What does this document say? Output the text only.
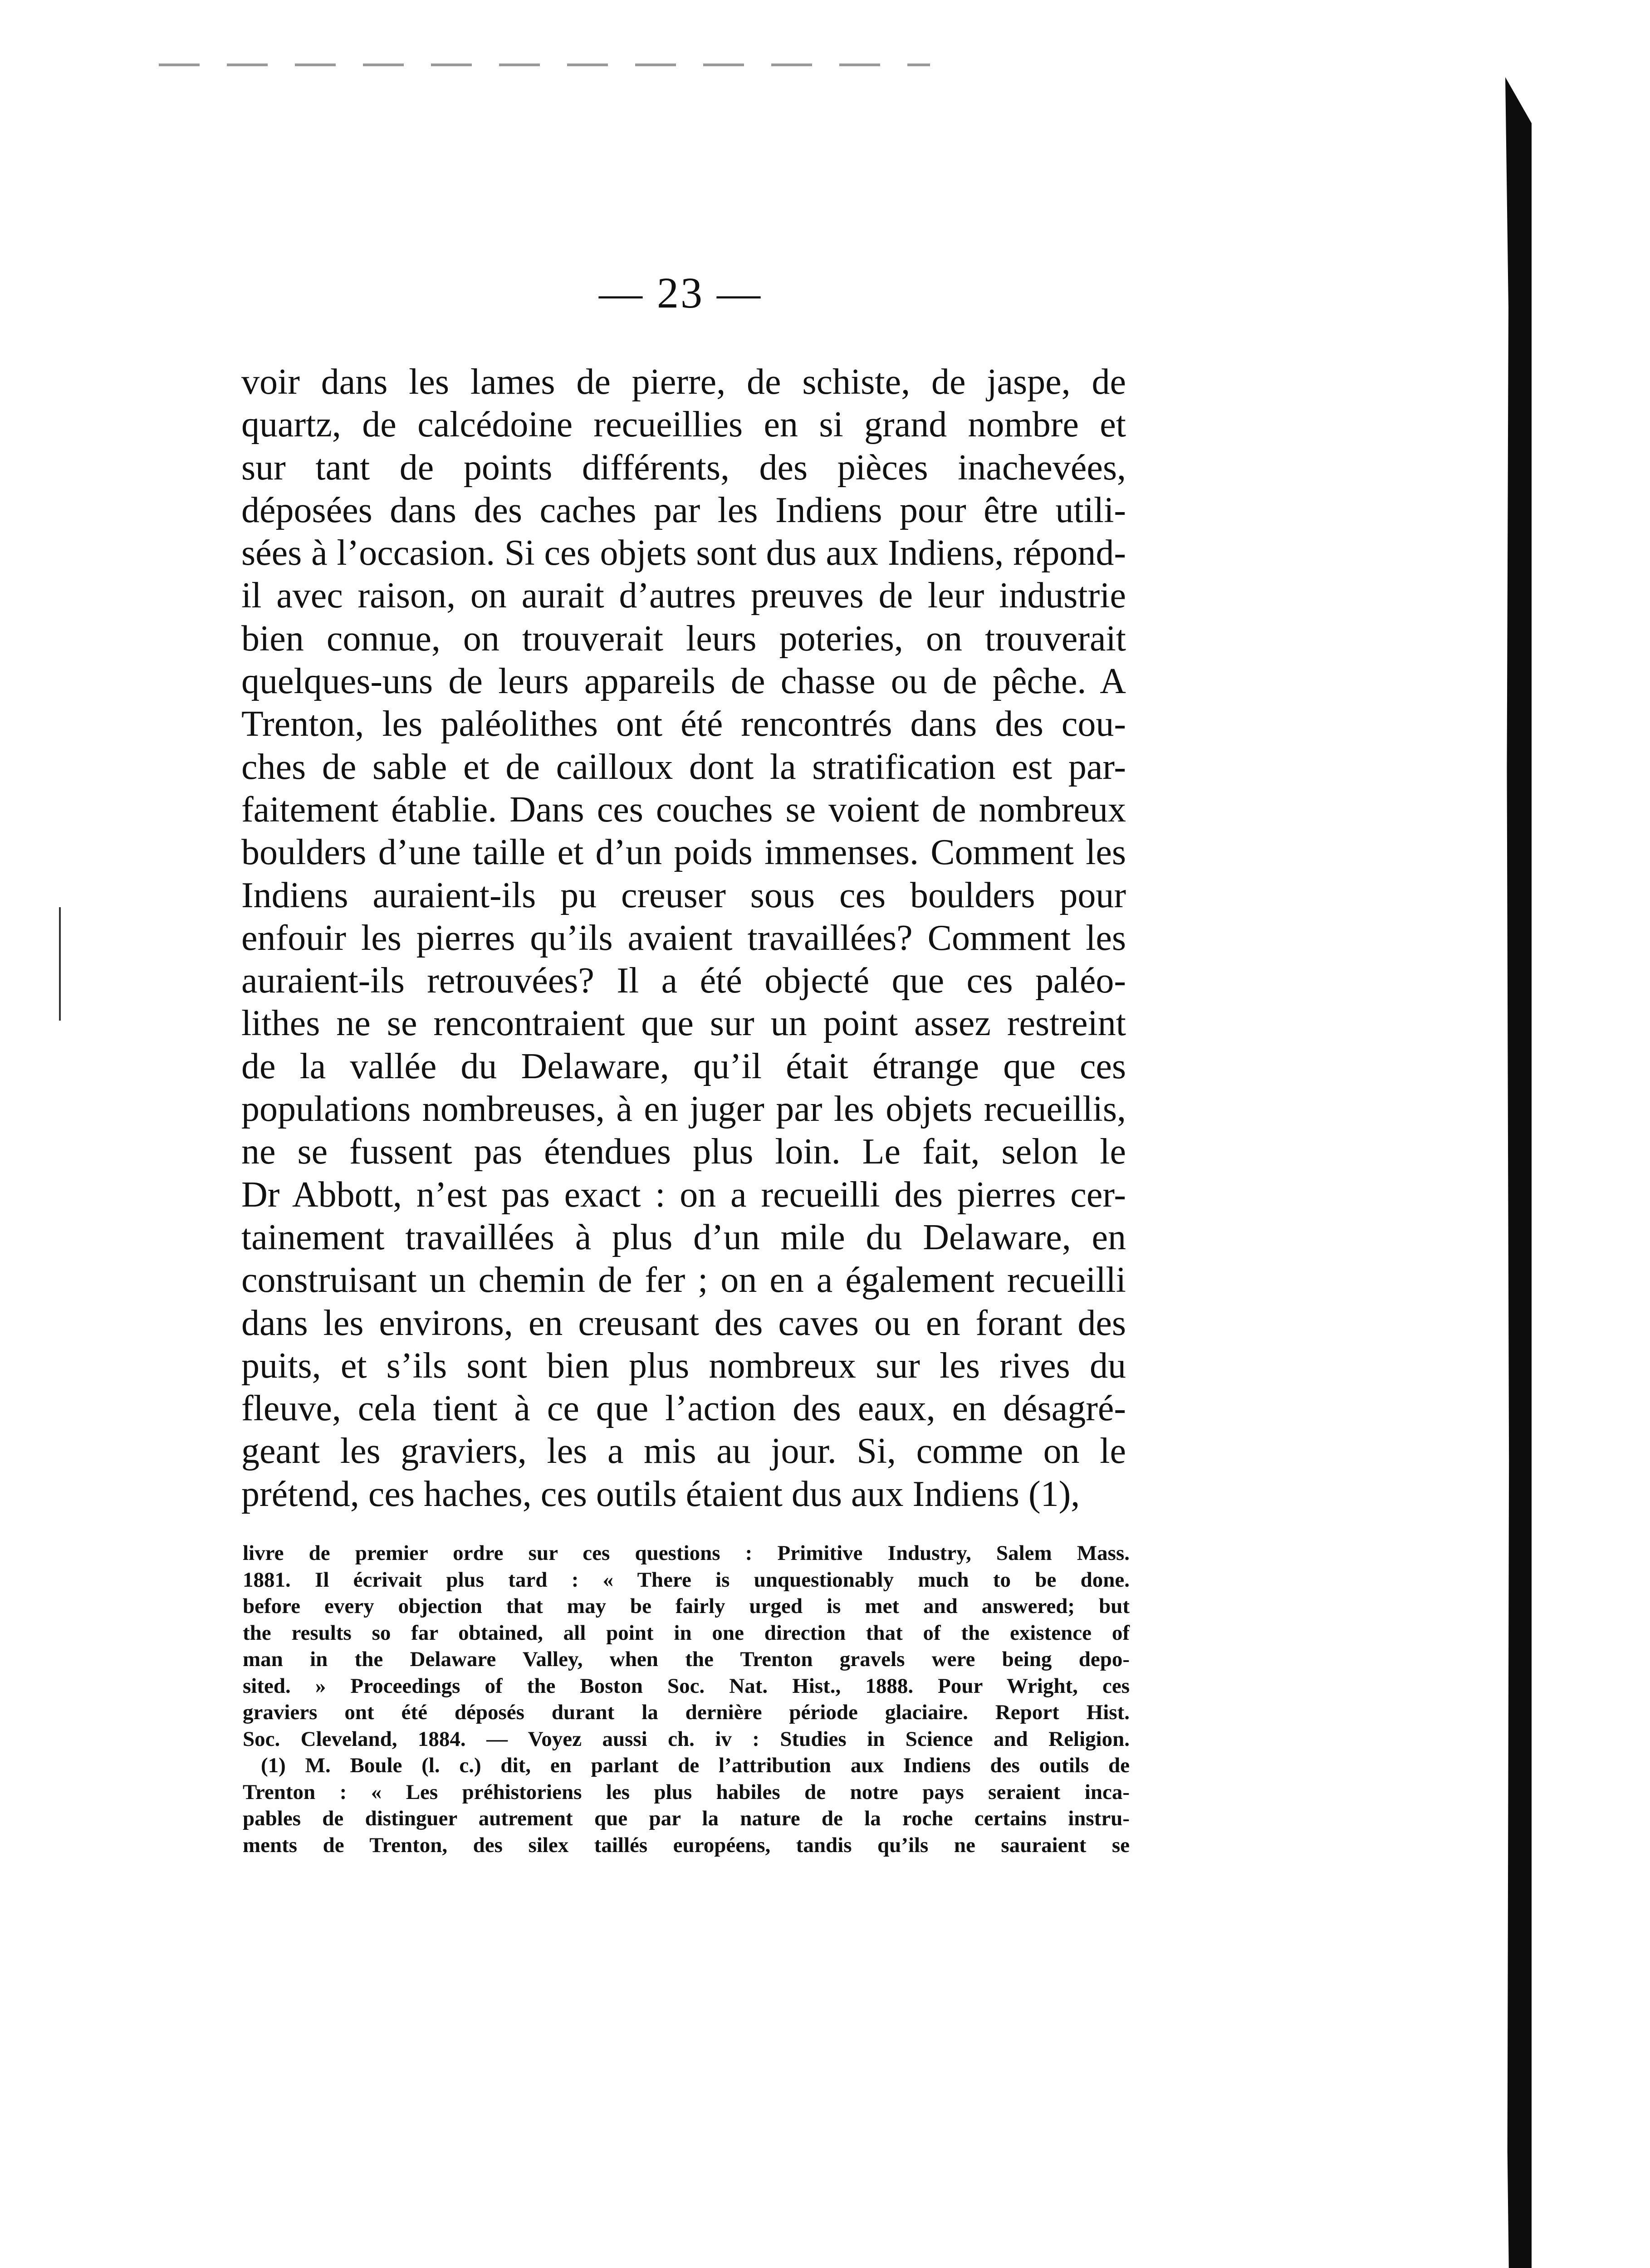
— 23 —
voir dans les lames de pierre, de schiste, de jaspe, de
quartz, de calcédoine recueillies en si grand nombre et
sur tant de points différents, des pièces inachevées,
déposées dans des caches par les Indiens pour être utili-
sées à l’occasion. Si ces objets sont dus aux Indiens, répond-
il avec raison, on aurait d’autres preuves de leur industrie
bien connue, on trouverait leurs poteries, on trouverait
quelques-uns de leurs appareils de chasse ou de pêche. A
Trenton, les paléolithes ont été rencontrés dans des cou-
ches de sable et de cailloux dont la stratification est par-
faitement établie. Dans ces couches se voient de nombreux
boulders d’une taille et d’un poids immenses. Comment les
Indiens auraient-ils pu creuser sous ces boulders pour
enfouir les pierres qu’ils avaient travaillées? Comment les
auraient-ils retrouvées? Il a été objecté que ces paléo-
lithes ne se rencontraient que sur un point assez restreint
de la vallée du Delaware, qu’il était étrange que ces
populations nombreuses, à en juger par les objets recueillis,
ne se fussent pas étendues plus loin. Le fait, selon le
Dr Abbott, n’est pas exact : on a recueilli des pierres cer-
tainement travaillées à plus d’un mile du Delaware, en
construisant un chemin de fer ; on en a également recueilli
dans les environs, en creusant des caves ou en forant des
puits, et s’ils sont bien plus nombreux sur les rives du
fleuve, cela tient à ce que l’action des eaux, en désagré-
geant les graviers, les a mis au jour. Si, comme on le
prétend, ces haches, ces outils étaient dus aux Indiens (1),
livre de premier ordre sur ces questions : Primitive Industry, Salem Mass.
1881. Il écrivait plus tard : « There is unquestionably much to be done.
before every objection that may be fairly urged is met and answered; but
the results so far obtained, all point in one direction that of the existence of
man in the Delaware Valley, when the Trenton gravels were being depo-
sited. » Proceedings of the Boston Soc. Nat. Hist., 1888. Pour Wright, ces
graviers ont été déposés durant la dernière période glaciaire. Report Hist.
Soc. Cleveland, 1884. — Voyez aussi ch. iv : Studies in Science and Religion.
(1) M. Boule (l. c.) dit, en parlant de l’attribution aux Indiens des outils de
Trenton : « Les préhistoriens les plus habiles de notre pays seraient inca-
pables de distinguer autrement que par la nature de la roche certains instru-
ments de Trenton, des silex taillés européens, tandis qu’ils ne sauraient se
